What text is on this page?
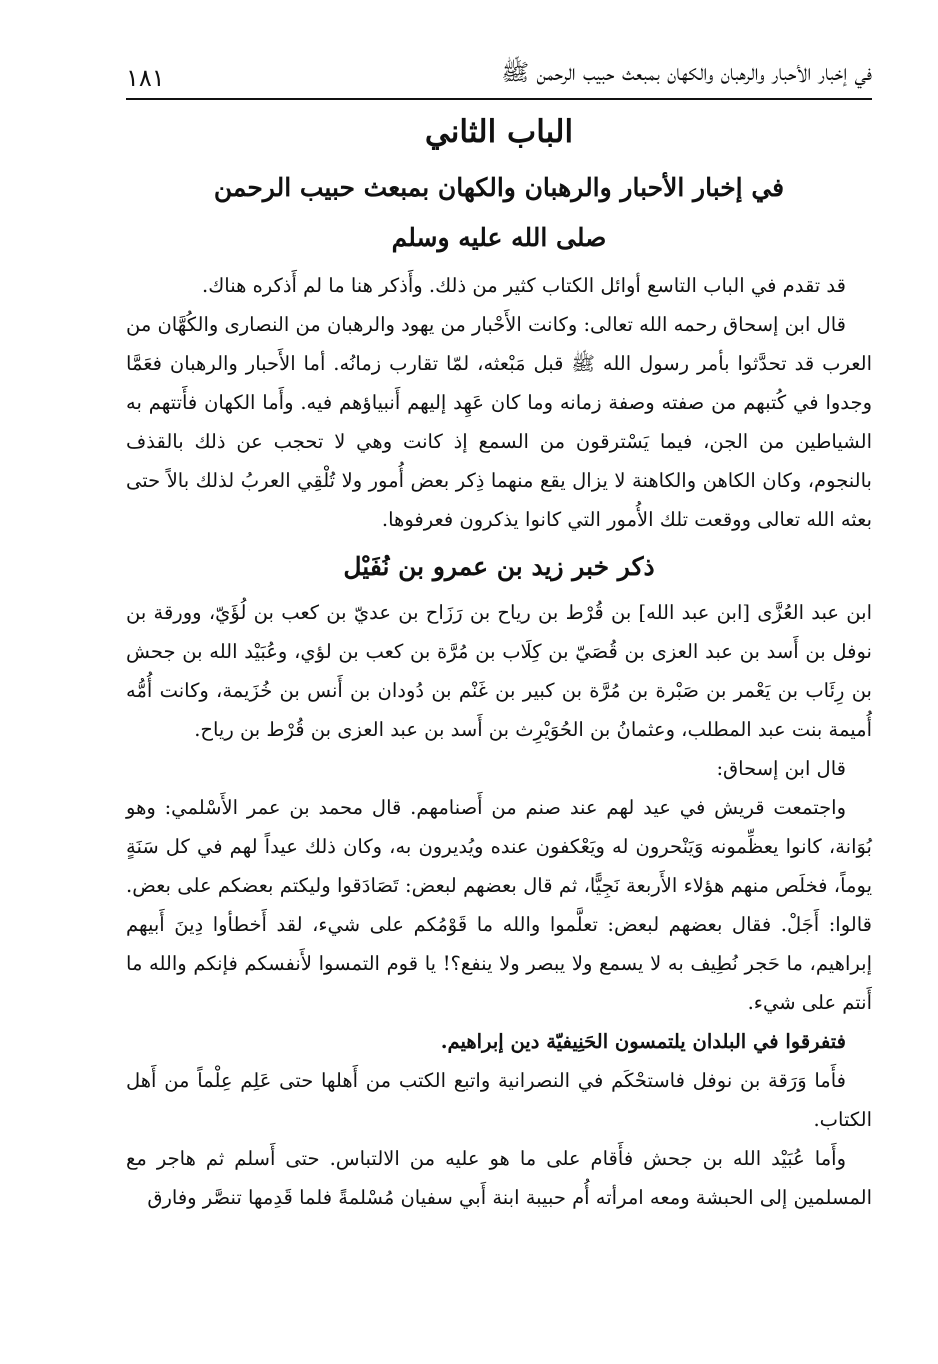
في إخبار الأحبار والرهبان والكهان بمبعث حبيب الرحمن ﷺ
١٨١
الباب الثاني
في إخبار الأحبار والرهبان والكهان بمبعث حبيب الرحمن
صلى الله عليه وسلم

قد تقدم في الباب التاسع أوائل الكتاب كثير من ذلك. وأَذكر هنا ما لم أَذكره هناك.

قال ابن إسحاق رحمه الله تعالى: وكانت الأَحْبار من يهود والرهبان من النصارى والكُهَّان من العرب قد تحدَّثوا بأمر رسول الله ﷺ قبل مَبْعثه، لمّا تقارب زمانُه. أما الأَحبار والرهبان فعَمَّا وجدوا في كُتبهم من صفته وصفة زمانه وما كان عَهِد إليهم أَنبياؤهم فيه. وأَما الكهان فأَتتهم به الشياطين من الجن، فيما يَسْترقون من السمع إذ كانت وهي لا تحجب عن ذلك بالقذف بالنجوم، وكان الكاهن والكاهنة لا يزال يقع منهما ذِكر بعض أُمور ولا تُلْقِي العربُ لذلك بالاً حتى بعثه الله تعالى ووقعت تلك الأُمور التي كانوا يذكرون فعرفوها.

ذكر خبر زيد بن عمرو بن نُفَيْل

ابن عبد العُزَّى [ابن عبد الله] بن قُرْط بن رياح بن رَزَاح بن عديّ بن كعب بن لُؤَيّ، وورقة بن نوفل بن أَسد بن عبد العزى بن قُصَيّ بن كِلَاب بن مُرَّة بن كعب بن لؤي، وعُبَيْد الله بن جحش بن رِئَاب بن يَعْمر بن صَبْرة بن مُرَّة بن كبير بن غَنْم بن دُودان بن أَنس بن خُزَيمة، وكانت أُمُّه أُميمة بنت عبد المطلب، وعثمانُ بن الحُوَيْرِث بن أَسد بن عبد العزى بن قُرْط بن رياح.

قال ابن إسحاق:

واجتمعت قريش في عيد لهم عند صنم من أَصنامهم. قال محمد بن عمر الأَسْلمي: وهو بُوَانة، كانوا يعظِّمونه وَيَنْحرون له ويَعْكفون عنده ويُديرون به، وكان ذلك عيداً لهم في كل سَنَةٍ يوماً، فخلَص منهم هؤلاء الأَربعة نَجِيًّا، ثم قال بعضهم لبعض: تَصَادَقوا وليكتم بعضكم على بعض. قالوا: أَجَلْ. فقال بعضهم لبعض: تعلَّموا والله ما قَوْمُكم على شيء، لقد أَخطأوا دِينَ أَبيهم إبراهيم، ما حَجر نُطِيف به لا يسمع ولا يبصر ولا ينفع؟! يا قوم التمسوا لأَنفسكم فإنكم والله ما أَنتم على شيء.

فتفرقوا في البلدان يلتمسون الحَنِيفيّة دين إبراهيم.

فأَما وَرَقة بن نوفل فاستحْكَم في النصرانية واتبع الكتب من أَهلها حتى عَلِم عِلْماً من أَهل الكتاب.

وأَما عُبَيْد الله بن جحش فأَقام على ما هو عليه من الالتباس. حتى أَسلم ثم هاجر مع المسلمين إلى الحبشة ومعه امرأته أُم حبيبة ابنة أَبي سفيان مُسْلمةً فلما قَدِمها تنصَّر وفارق
